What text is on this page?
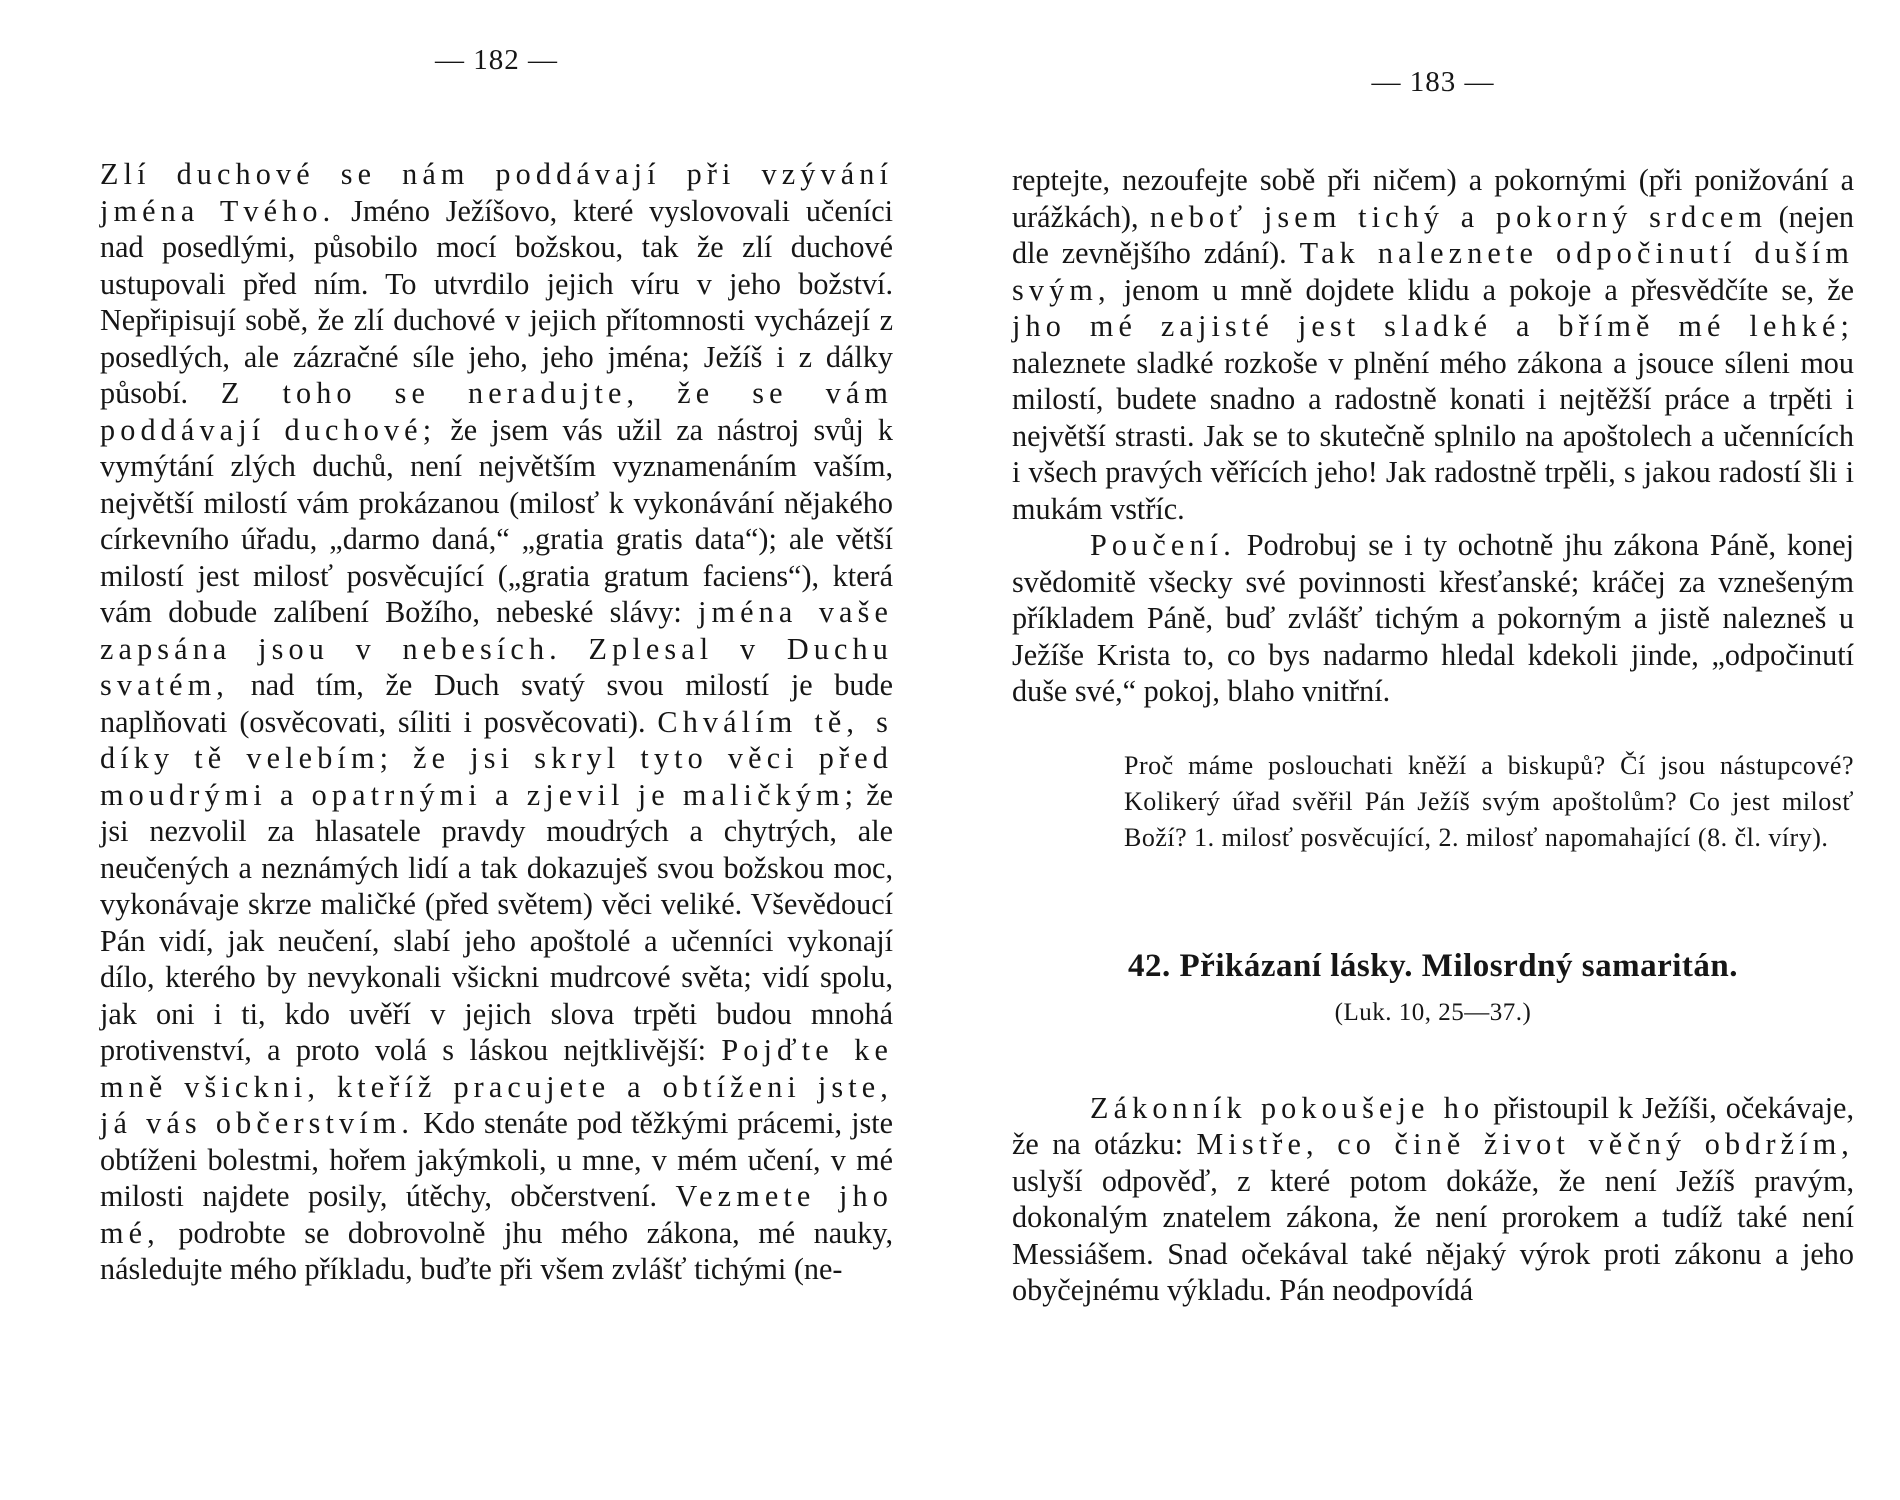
— 182 —

Zlí duchové se nám poddávají při vzývání jména Tvého. Jméno Ježíšovo, které vyslovovali učeníci nad posedlými, působilo mocí božskou, tak že zlí duchové ustupovali před ním. To utvrdilo jejich víru v jeho božství. Nepřipisují sobě, že zlí duchové v jejich přítomnosti vycházejí z posedlých, ale zázračné síle jeho, jeho jména; Ježíš i z dálky působí. Z toho se neradujte, že se vám poddávají duchové; že jsem vás užil za nástroj svůj k vymýtání zlých duchů, není největším vyznamenáním vaším, největší milostí vám prokázanou (milosť k vykonávání nějakého církevního úřadu, „darmo daná,“ „gratia gratis data“); ale větší milostí jest milosť posvěcující („gratia gratum faciens“), která vám dobude zalíbení Božího, nebeské slávy: jména vaše zapsána jsou v nebesích. Zplesal v Duchu svatém, nad tím, že Duch svatý svou milostí je bude naplňovati (osvěcovati, síliti i posvěcovati). Chválím tě, s díky tě velebím; že jsi skryl tyto věci před moudrými a opatrnými a zjevil je maličkým; že jsi nezvolil za hlasatele pravdy moudrých a chytrých, ale neučených a neznámých lidí a tak dokazuješ svou božskou moc, vykonávaje skrze maličké (před světem) věci veliké. Vševědoucí Pán vidí, jak neučení, slabí jeho apoštolé a učenníci vykonají dílo, kterého by nevykonali všickni mudrcové světa; vidí spolu, jak oni i ti, kdo uvěří v jejich slova trpěti budou mnohá protivenství, a proto volá s láskou nejtklivější: Pojďte ke mně všickni, kteříž pracujete a obtíženi jste, já vás občerstvím. Kdo stenáte pod těžkými prácemi, jste obtíženi bolestmi, hořem jakýmkoli, u mne, v mém učení, v mé milosti najdete posily, útěchy, občerstvení. Vezmete jho mé, podrobte se dobrovolně jhu mého zákona, mé nauky, následujte mého příkladu, buďte při všem zvlášť tichými (ne-

— 183 —

reptejte, nezoufejte sobě při ničem) a pokornými (při ponižování a urážkách), neboť jsem tichý a pokorný srdcem (nejen dle zevnějšího zdání). Tak naleznete odpočinutí duším svým, jenom u mně dojdete klidu a pokoje a přesvědčíte se, že jho mé zajisté jest sladké a břímě mé lehké; naleznete sladké rozkoše v plnění mého zákona a jsouce síleni mou milostí, budete snadno a radostně konati i nejtěžší práce a trpěti i největší strasti. Jak se to skutečně splnilo na apoštolech a učennících i všech pravých věřících jeho! Jak radostně trpěli, s jakou radostí šli i mukám vstříc.

Poučení. Podrobuj se i ty ochotně jhu zákona Páně, konej svědomitě všecky své povinnosti křesťanské; kráčej za vznešeným příkladem Páně, buď zvlášť tichým a pokorným a jistě nalezneš u Ježíše Krista to, co bys nadarmo hledal kdekoli jinde, „odpočinutí duše své,“ pokoj, blaho vnitřní.

Proč máme poslouchati kněží a biskupů? Čí jsou nástupcové? Kolikerý úřad svěřil Pán Ježíš svým apoštolům? Co jest milosť Boží? 1. milosť posvěcující, 2. milosť napomahající (8. čl. víry).

42. Přikázaní lásky. Milosrdný samaritán.
(Luk. 10, 25—37.)

Zákonník pokoušeje ho přistoupil k Ježíši, očekávaje, že na otázku: Mistře, co čině život věčný obdržím, uslyší odpověď, z které potom dokáže, že není Ježíš pravým, dokonalým znatelem zákona, že není prorokem a tudíž také není Messiášem. Snad očekával také nějaký výrok proti zákonu a jeho obyčejnému výkladu. Pán neodpovídá
